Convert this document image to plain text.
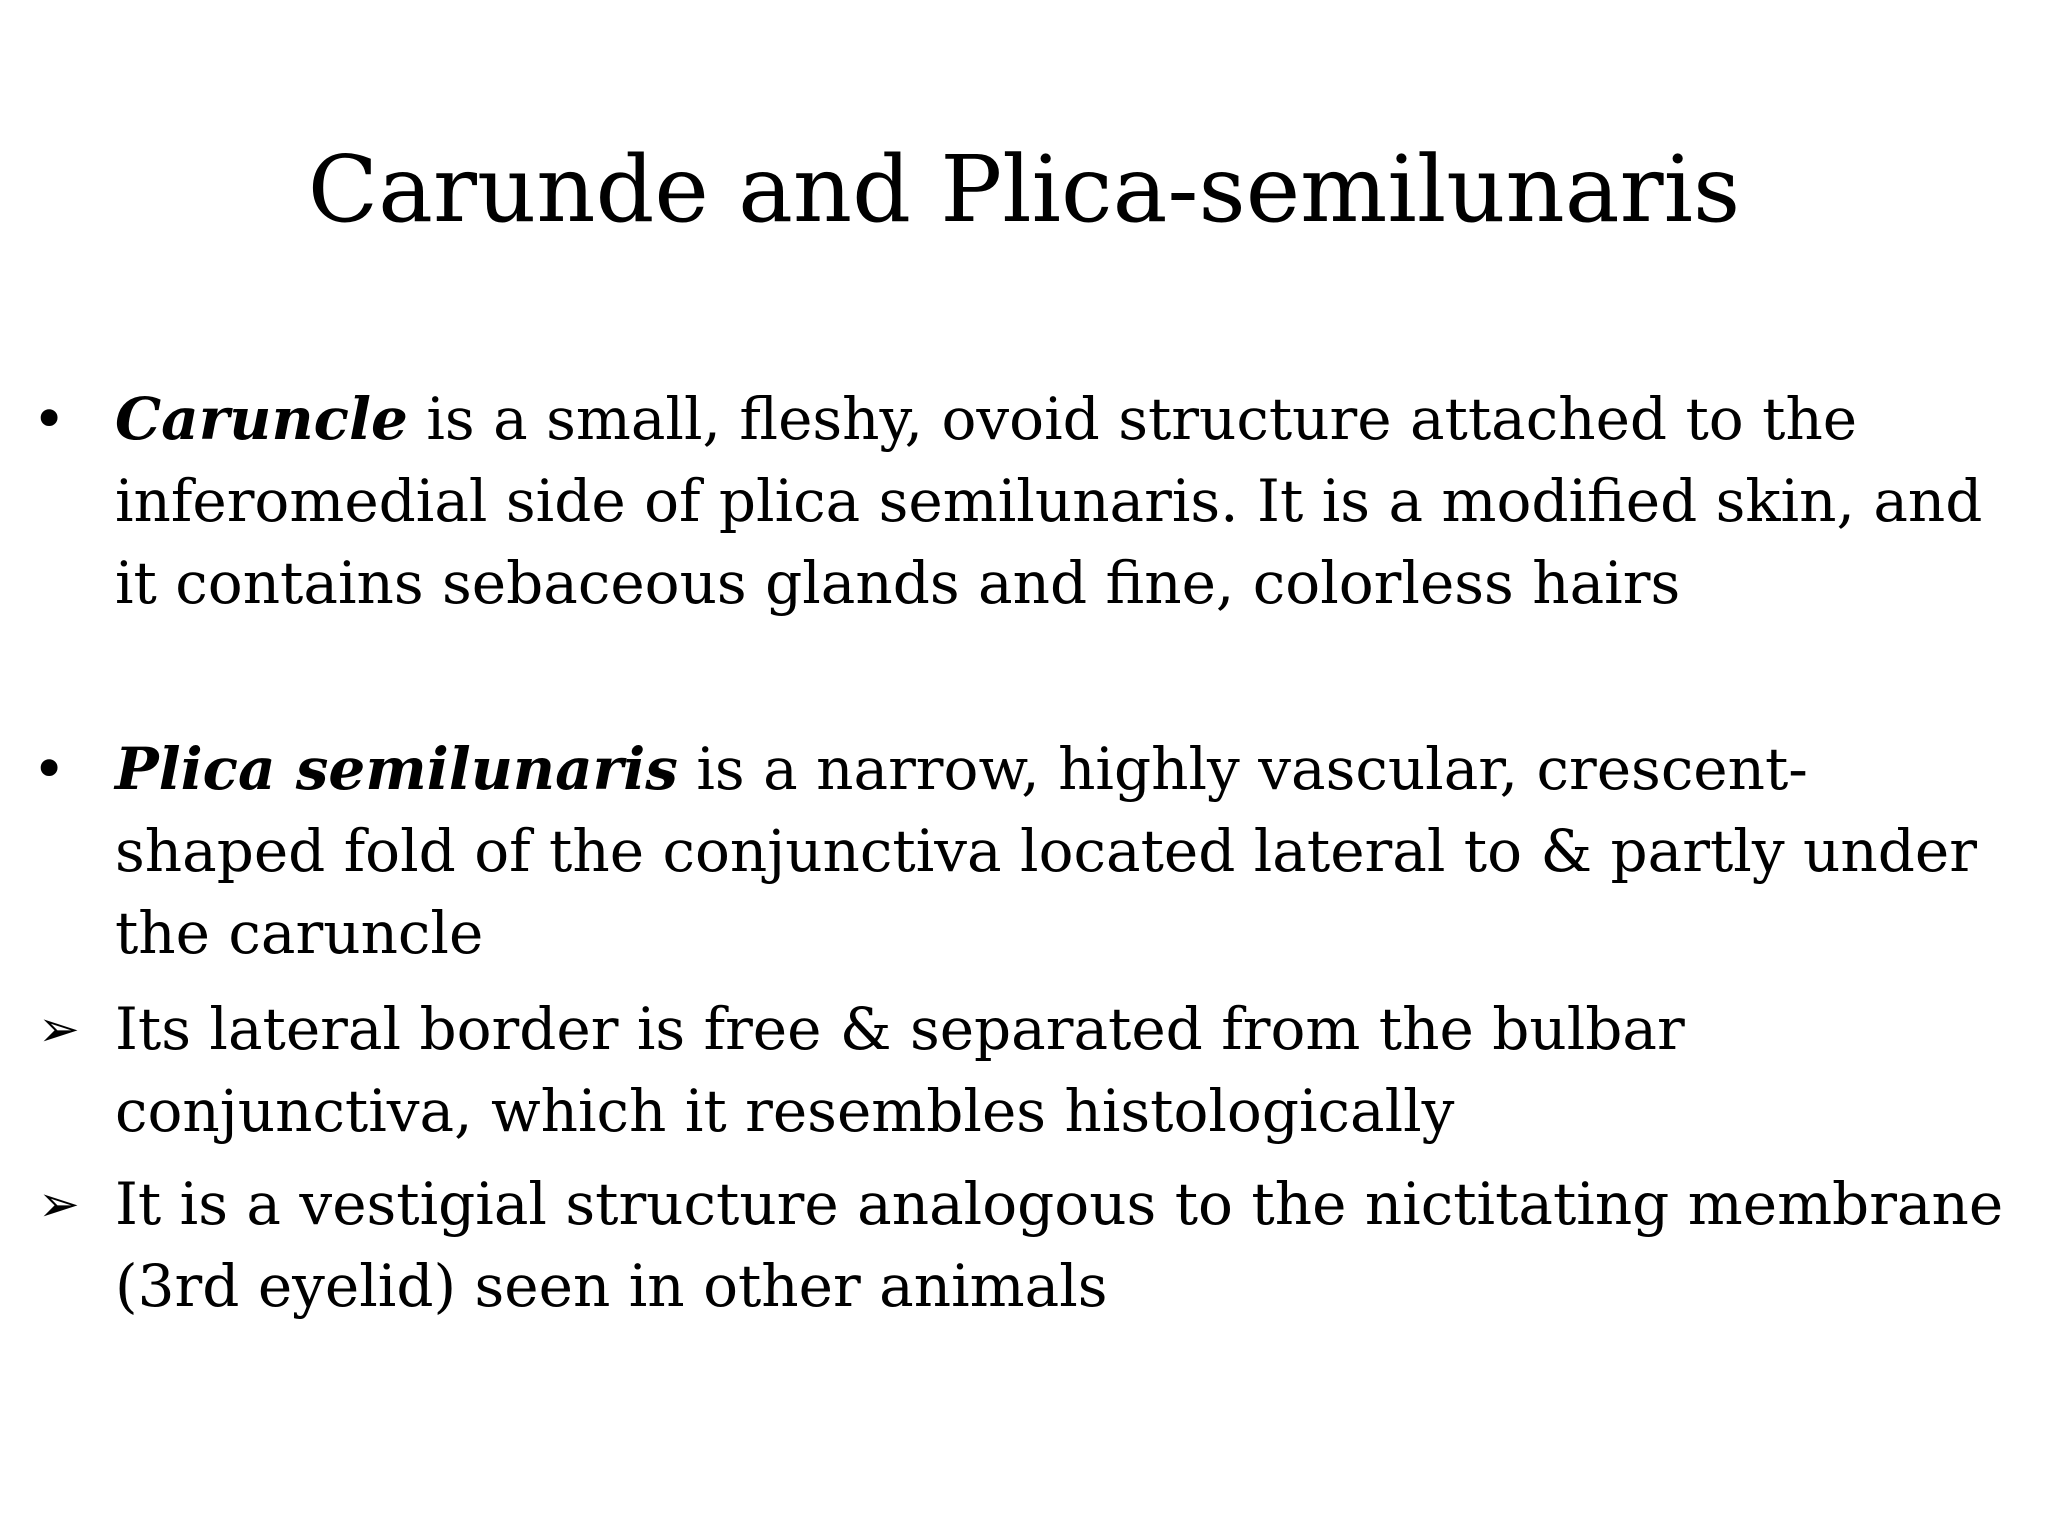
Carunde and Plica-semilunaris
• Caruncle is a small, fleshy, ovoid structure attached to the inferomedial side of plica semilunaris. It is a modified skin, and it contains sebaceous glands and fine, colorless hairs

• Plica semilunaris is a narrow, highly vascular, crescent-shaped fold of the conjunctiva located lateral to & partly under the caruncle

➢ Its lateral border is free & separated from the bulbar conjunctiva, which it resembles histologically

➢ It is a vestigial structure analogous to the nictitating membrane (3rd eyelid) seen in other animals
